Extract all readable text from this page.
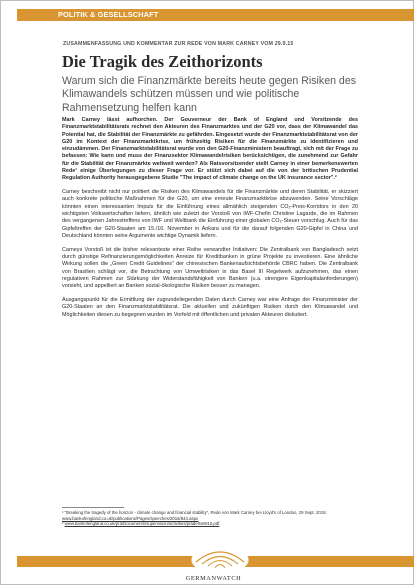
POLITIK & GESELLSCHAFT
ZUSAMMENFASSUNG UND KOMMENTAR ZUR REDE VON MARK CARNEY VOM 29.9.15
Die Tragik des Zeithorizonts
Warum sich die Finanzmärkte bereits heute gegen Risiken des Klimawandels schützen müssen und wie politische Rahmensetzung helfen kann

Mark Carney lässt aufhorchen. Der Gouverneur der Bank of England und Vorsitzende des Finanzmarktstabilitätsrats rechnet den Akteuren des Finanzmarktes und der G20 vor, dass der Klimawandel das Potential hat, die Stabilität der Finanzmärkte zu gefährden. Eingesetzt wurde der Finanzmarktstabilitätsrat von der G20 im Kontext der Finanzmarktkrise, um frühzeitig Risiken für die Finanzmärkte zu identifizieren und einzudämmen. Der Finanzmarktstabilitätsrat wurde von den G20-Finanzministern beauftragt, sich mit der Frage zu befassen: Wie kann und muss der Finanzsektor Klimawandelrisiken berücksichtigen, die zunehmend zur Gefahr für die Stabilität der Finanzmärkte weltweit werden? Als Ratsvorsitzender stellt Carney in einer bemerkenswerten Rede¹ einige Überlegungen zu dieser Frage vor. Er stützt sich dabei auf die von der britischen Prudential Regulation Authority herausgegebene Studie "The impact of climate change on the UK insurance sector".²

Carney beschreibt nicht nur politiert die Risiken des Klimawandels für die Finanzmärkte und deren Stabilität, er skizziert auch konkrete politische Maßnahmen für die G20, um eine erneute Finanzmarktkrise abzuwenden. Seine Vorschläge könnten einen interessanten Impuls für die Einführung eines allmählich steigenden CO₂-Preis-Korridors in den 20 wichtigsten Volkswirtschaften liefern, ähnlich wie zuletzt der Vorstoß von IWF-Chefin Christine Lagarde, die im Rahmen des vergangenen Jahrestreffens von IWF und Weltbank die Einführung einer globalen CO₂-Steuer vorschlug. Auch für das Gipfeltreffen der G20-Staaten am 15./16. November in Ankara und für die darauf folgenden G20-Gipfel in China und Deutschland könnten seine Argumente wichtige Dynamik liefern.

Carneys Vorstoß ist die bisher relevanteste einer Reihe verwandter Initiativen: Die Zentralbank von Bangladesch setzt durch günstige Refinanzierungsmöglichkeiten Anreize für Kreditbanken in grüne Projekte zu investieren. Eine ähnliche Wirkung sollen die „Green Credit Guidelines“ der chinesischen Bankenaufsichtsbehörde CBRC haben. Die Zentralbank von Brasilien schlägt vor, die Betrachtung von Umweltrisiken in das Basel III Regelwerk aufzunehmen, das einen regulativen Rahmen zur Stärkung der Widerstandsfähigkeit von Banken (u.a. strengere Eigenkapitalanforderungen) vorsieht, und appelliert an Banken sozial-ökologische Risiken besser zu managen.

Ausgangspunkt für die Ermittlung der zugrundeliegenden Daten durch Carney war eine Anfrage der Finanzminister der G20-Staaten an den Finanzmarktstabilitätsrat. Die aktuellen und zukünftigen Risiken durch den Klimawandel und Möglichkeiten diesen zu begegnen wurden im Vorfeld mit öffentlichen und privaten Akteuren diskutiert.

¹ "Breaking the tragedy of the horizon - climate change and financial stability", Rede von Mark Carney bei Lloyd's of London, 29 Sept. 2015: www.bankofengland.co.uk/publications/Pages/speeches/2015/844.aspx

² www.bankofengland.co.uk/pra/Documents/supervision/activities/pradefra0915.pdf

GERMANWATCH
